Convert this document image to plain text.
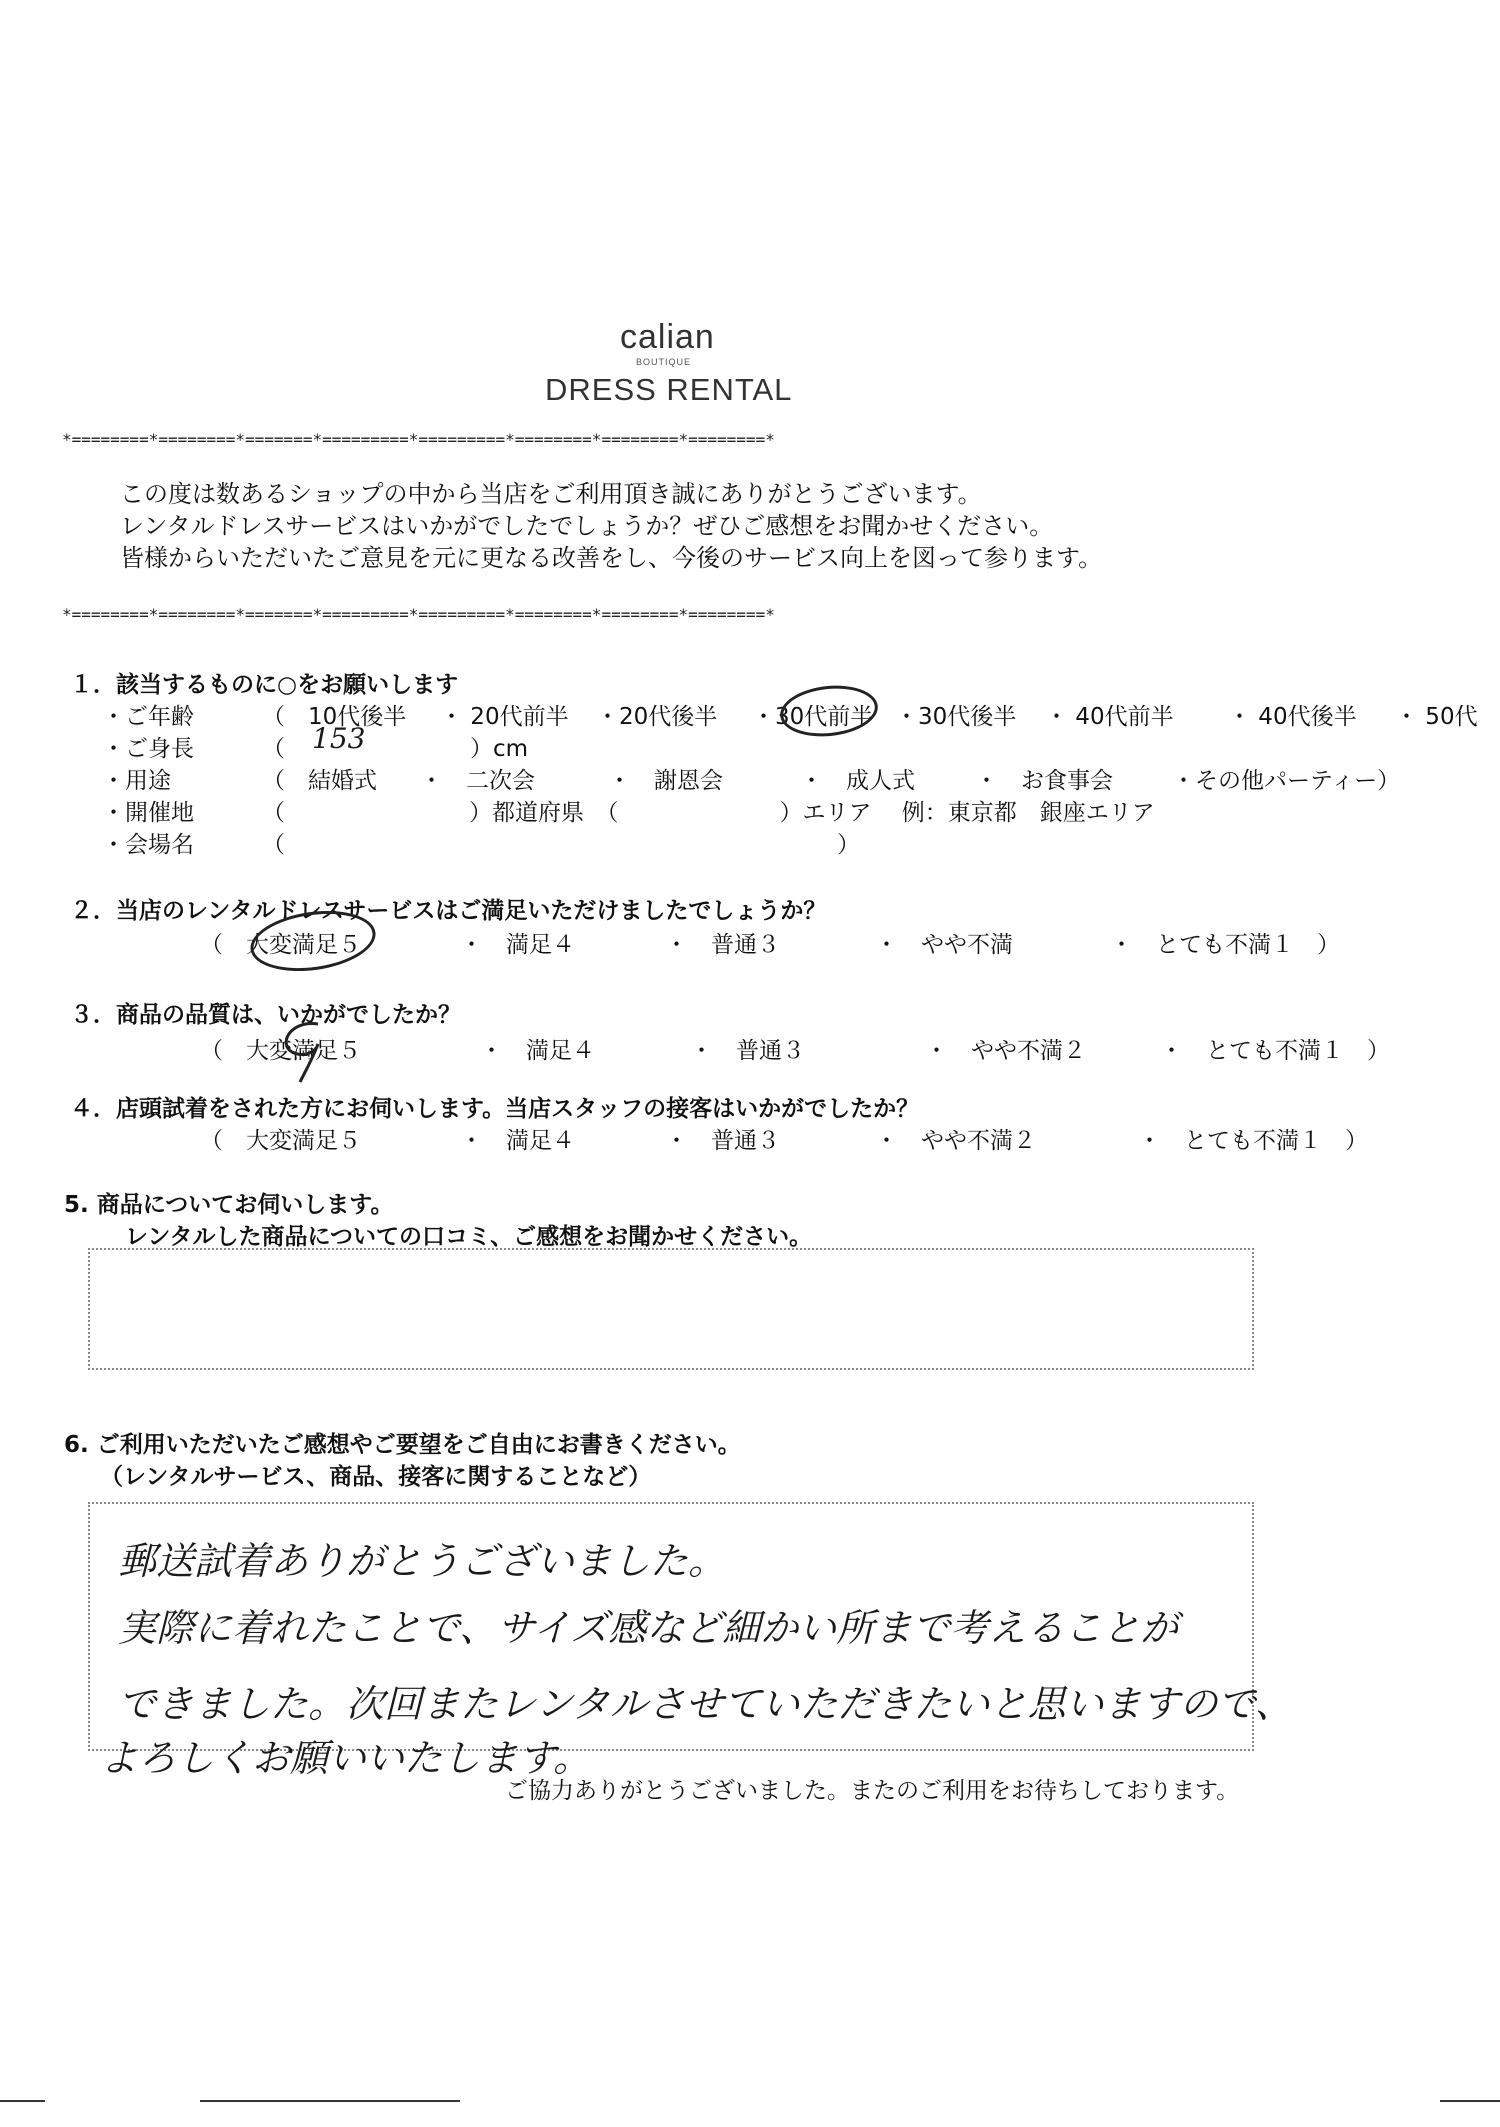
calian
BOUTIQUE
DRESS RENTAL
*========*========*=======*=========*=========*========*========*========*
この度は数あるショップの中から当店をご利用頂き誠にありがとうございます。
レンタルドレスサービスはいかがでしたでしょうか？ぜひご感想をお聞かせください。
皆様からいただいたご意見を元に更なる改善をし、今後のサービス向上を図って参ります。
*========*========*=======*=========*=========*========*========*========*
１．該当するものに○をお願いします
・ご年齢	（　10代後半 ・ 20代前半 ・20代後半 ・30代前半 ・30代後半 ・ 40代前半 ・ 40代後半 ・ 50代
・ご身長	（ 153	）cm
・用途	（　結婚式 ・　二次会	・　謝恩会	・　成人式	・　お食事会	・その他パーティー）
・開催地	（　　　　　　　　）都道府県　（　　　　　　　）エリア　 例：東京都　銀座エリア
・会場名	（　　　　　　　　　　　　　　　　　　　　　　　　）
２．当店のレンタルドレスサービスはご満足いただけましたでしょうか？
（　大変満足５	・　満足４	・　普通３	・　やや不満	・　とても不満１　）
３．商品の品質は、いかがでしたか？
（　大変満足５	・　満足４	・　普通３	・　やや不満２	・　とても不満１　）
４．店頭試着をされた方にお伺いします。当店スタッフの接客はいかがでしたか？
（　大変満足５	・　満足４	・　普通３	・　やや不満２	・　とても不満１　）
5. 商品についてお伺いします。
レンタルした商品についての口コミ、ご感想をお聞かせください。
6. ご利用いただいたご感想やご要望をご自由にお書きください。
（レンタルサービス、商品、接客に関することなど）
郵送試着ありがとうございました。
実際に着れたことで、サイズ感など細かい所まで考えることが
できました。次回またレンタルさせていただきたいと思いますので、
よろしくお願いいたします。
ご協力ありがとうございました。またのご利用をお待ちしております。
